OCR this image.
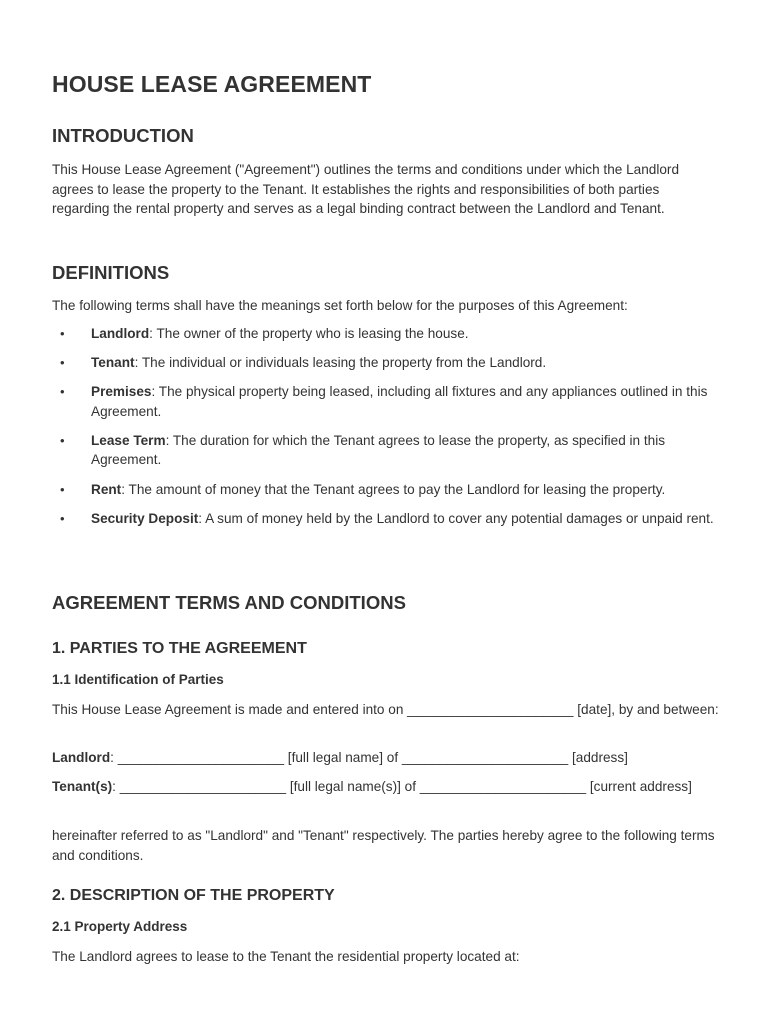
HOUSE LEASE AGREEMENT
INTRODUCTION

This House Lease Agreement ("Agreement") outlines the terms and conditions under which the Landlord agrees to lease the property to the Tenant. It establishes the rights and responsibilities of both parties regarding the rental property and serves as a legal binding contract between the Landlord and Tenant.

DEFINITIONS

The following terms shall have the meanings set forth below for the purposes of this Agreement:

• Landlord: The owner of the property who is leasing the house.
• Tenant: The individual or individuals leasing the property from the Landlord.
• Premises: The physical property being leased, including all fixtures and any appliances outlined in this Agreement.
• Lease Term: The duration for which the Tenant agrees to lease the property, as specified in this Agreement.
• Rent: The amount of money that the Tenant agrees to pay the Landlord for leasing the property.
• Security Deposit: A sum of money held by the Landlord to cover any potential damages or unpaid rent.
AGREEMENT TERMS AND CONDITIONS
1. PARTIES TO THE AGREEMENT
1.1 Identification of Parties

This House Lease Agreement is made and entered into on ______________________ [date], by and between:

Landlord: ______________________ [full legal name] of ______________________ [address]

Tenant(s): ______________________ [full legal name(s)] of ______________________ [current address]

hereinafter referred to as "Landlord" and "Tenant" respectively. The parties hereby agree to the following terms and conditions.

2. DESCRIPTION OF THE PROPERTY
2.1 Property Address

The Landlord agrees to lease to the Tenant the residential property located at:
